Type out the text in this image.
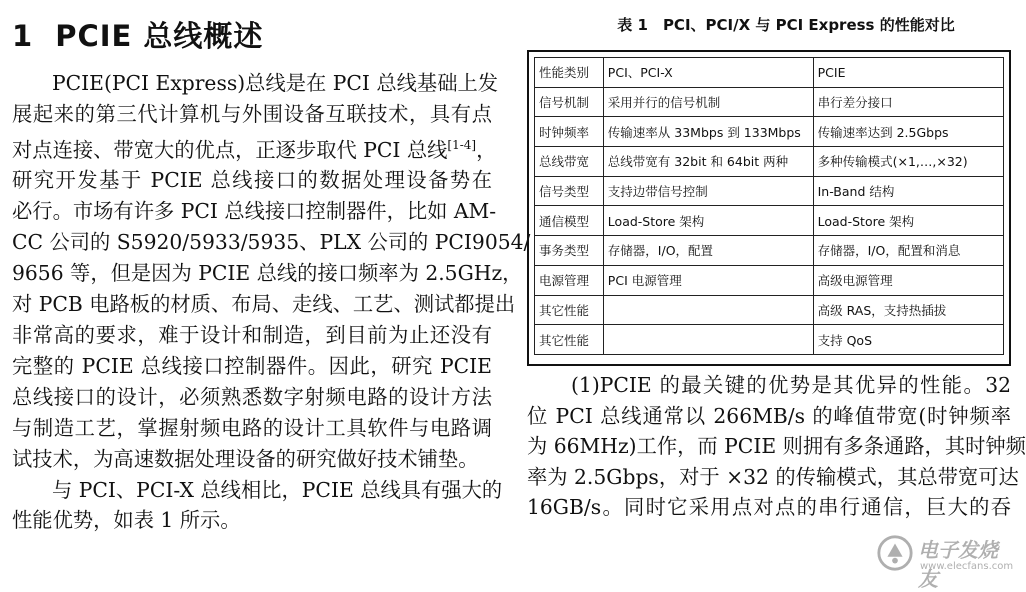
1 PCIE 总线概述

PCIE(PCI Express)总线是在 PCI 总线基础上发

展起来的第三代计算机与外围设备互联技术，具有点

对点连接、带宽大的优点，正逐步取代 PCI 总线[1-4]，

研究开发基于 PCIE 总线接口的数据处理设备势在

必行。市场有许多 PCI 总线接口控制器件，比如 AM-

CC 公司的 S5920/5933/5935、PLX 公司的 PCI9054/

9656 等，但是因为 PCIE 总线的接口频率为 2.5GHz，

对 PCB 电路板的材质、布局、走线、工艺、测试都提出

非常高的要求，难于设计和制造，到目前为止还没有

完整的 PCIE 总线接口控制器件。因此，研究 PCIE

总线接口的设计，必须熟悉数字射频电路的设计方法

与制造工艺，掌握射频电路的设计工具软件与电路调

试技术，为高速数据处理设备的研究做好技术铺垫。

与 PCI、PCI-X 总线相比，PCIE 总线具有强大的

性能优势，如表 1 所示。

表 1　PCI、PCI/X 与 PCI Express 的性能对比
性能类别	PCI、PCI-X	PCIE
信号机制	采用并行的信号机制	串行差分接口
时钟频率	传输速率从 33Mbps 到 133Mbps	传输速率达到 2.5Gbps
总线带宽	总线带宽有 32bit 和 64bit 两种	多种传输模式(×1,…,×32)
信号类型	支持边带信号控制	In-Band 结构
通信模型	Load-Store 架构	Load-Store 架构
事务类型	存储器，I/O，配置	存储器，I/O，配置和消息
电源管理	PCI 电源管理	高级电源管理
其它性能		高级 RAS，支持热插拔
其它性能		支持 QoS

(1)PCIE 的最关键的优势是其优异的性能。32

位 PCI 总线通常以 266MB/s 的峰值带宽(时钟频率

为 66MHz)工作，而 PCIE 则拥有多条通路，其时钟频

率为 2.5Gbps，对于 ×32 的传输模式，其总带宽可达

16GB/s。同时它采用点对点的串行通信，巨大的吞

电子发烧友
www.elecfans.com
